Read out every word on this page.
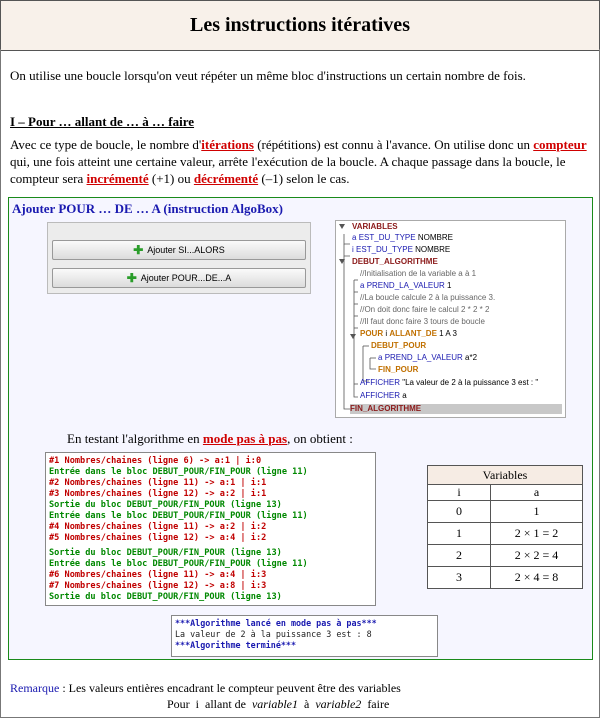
Les instructions itératives
On utilise une boucle lorsqu'on veut répéter un même bloc d'instructions un certain nombre de fois.
I – Pour … allant de … à … faire
Avec ce type de boucle, le nombre d'itérations (répétitions) est connu à l'avance. On utilise donc un compteur qui, une fois atteint une certaine valeur, arrête l'exécution de la boucle. A chaque passage dans la boucle, le compteur sera incrémenté (+1) ou décrémenté (–1) selon le cas.
Ajouter POUR … DE … A (instruction AlgoBox)
✚ Ajouter SI...ALORS
✚ Ajouter POUR...DE...A
VARIABLES
a EST_DU_TYPE NOMBRE
i EST_DU_TYPE NOMBRE
DEBUT_ALGORITHME
//Initialisation de la variable a à 1
a PREND_LA_VALEUR 1
//La boucle calcule 2 à la puissance 3.
//On doit donc faire le calcul 2 * 2 * 2
//Il faut donc faire 3 tours de boucle
POUR i ALLANT_DE 1 A 3
DEBUT_POUR
a PREND_LA_VALEUR a*2
FIN_POUR
AFFICHER "La valeur de 2 à la puissance 3 est : "
AFFICHER a
FIN_ALGORITHME
En testant l'algorithme en mode pas à pas, on obtient :
#1 Nombres/chaines (ligne 6) -> a:1 | i:0
Entrée dans le bloc DEBUT_POUR/FIN_POUR (ligne 11)
#2 Nombres/chaines (ligne 11) -> a:1 | i:1
#3 Nombres/chaines (ligne 12) -> a:2 | i:1
Sortie du bloc DEBUT_POUR/FIN_POUR (ligne 13)
Entrée dans le bloc DEBUT_POUR/FIN_POUR (ligne 11)
#4 Nombres/chaines (ligne 11) -> a:2 | i:2
#5 Nombres/chaines (ligne 12) -> a:4 | i:2
Sortie du bloc DEBUT_POUR/FIN_POUR (ligne 13)
Entrée dans le bloc DEBUT_POUR/FIN_POUR (ligne 11)
#6 Nombres/chaines (ligne 11) -> a:4 | i:3
#7 Nombres/chaines (ligne 12) -> a:8 | i:3
Sortie du bloc DEBUT_POUR/FIN_POUR (ligne 13)
Variables	
i	a
0	1
1	2 × 1 = 2
2	2 × 2 = 4
3	2 × 4 = 8
***Algorithme lancé en mode pas à pas***
La valeur de 2 à la puissance 3 est : 8
***Algorithme terminé***
Remarque : Les valeurs entières encadrant le compteur peuvent être des variables
Pour  i  allant de  variable1  à  variable2  faire
